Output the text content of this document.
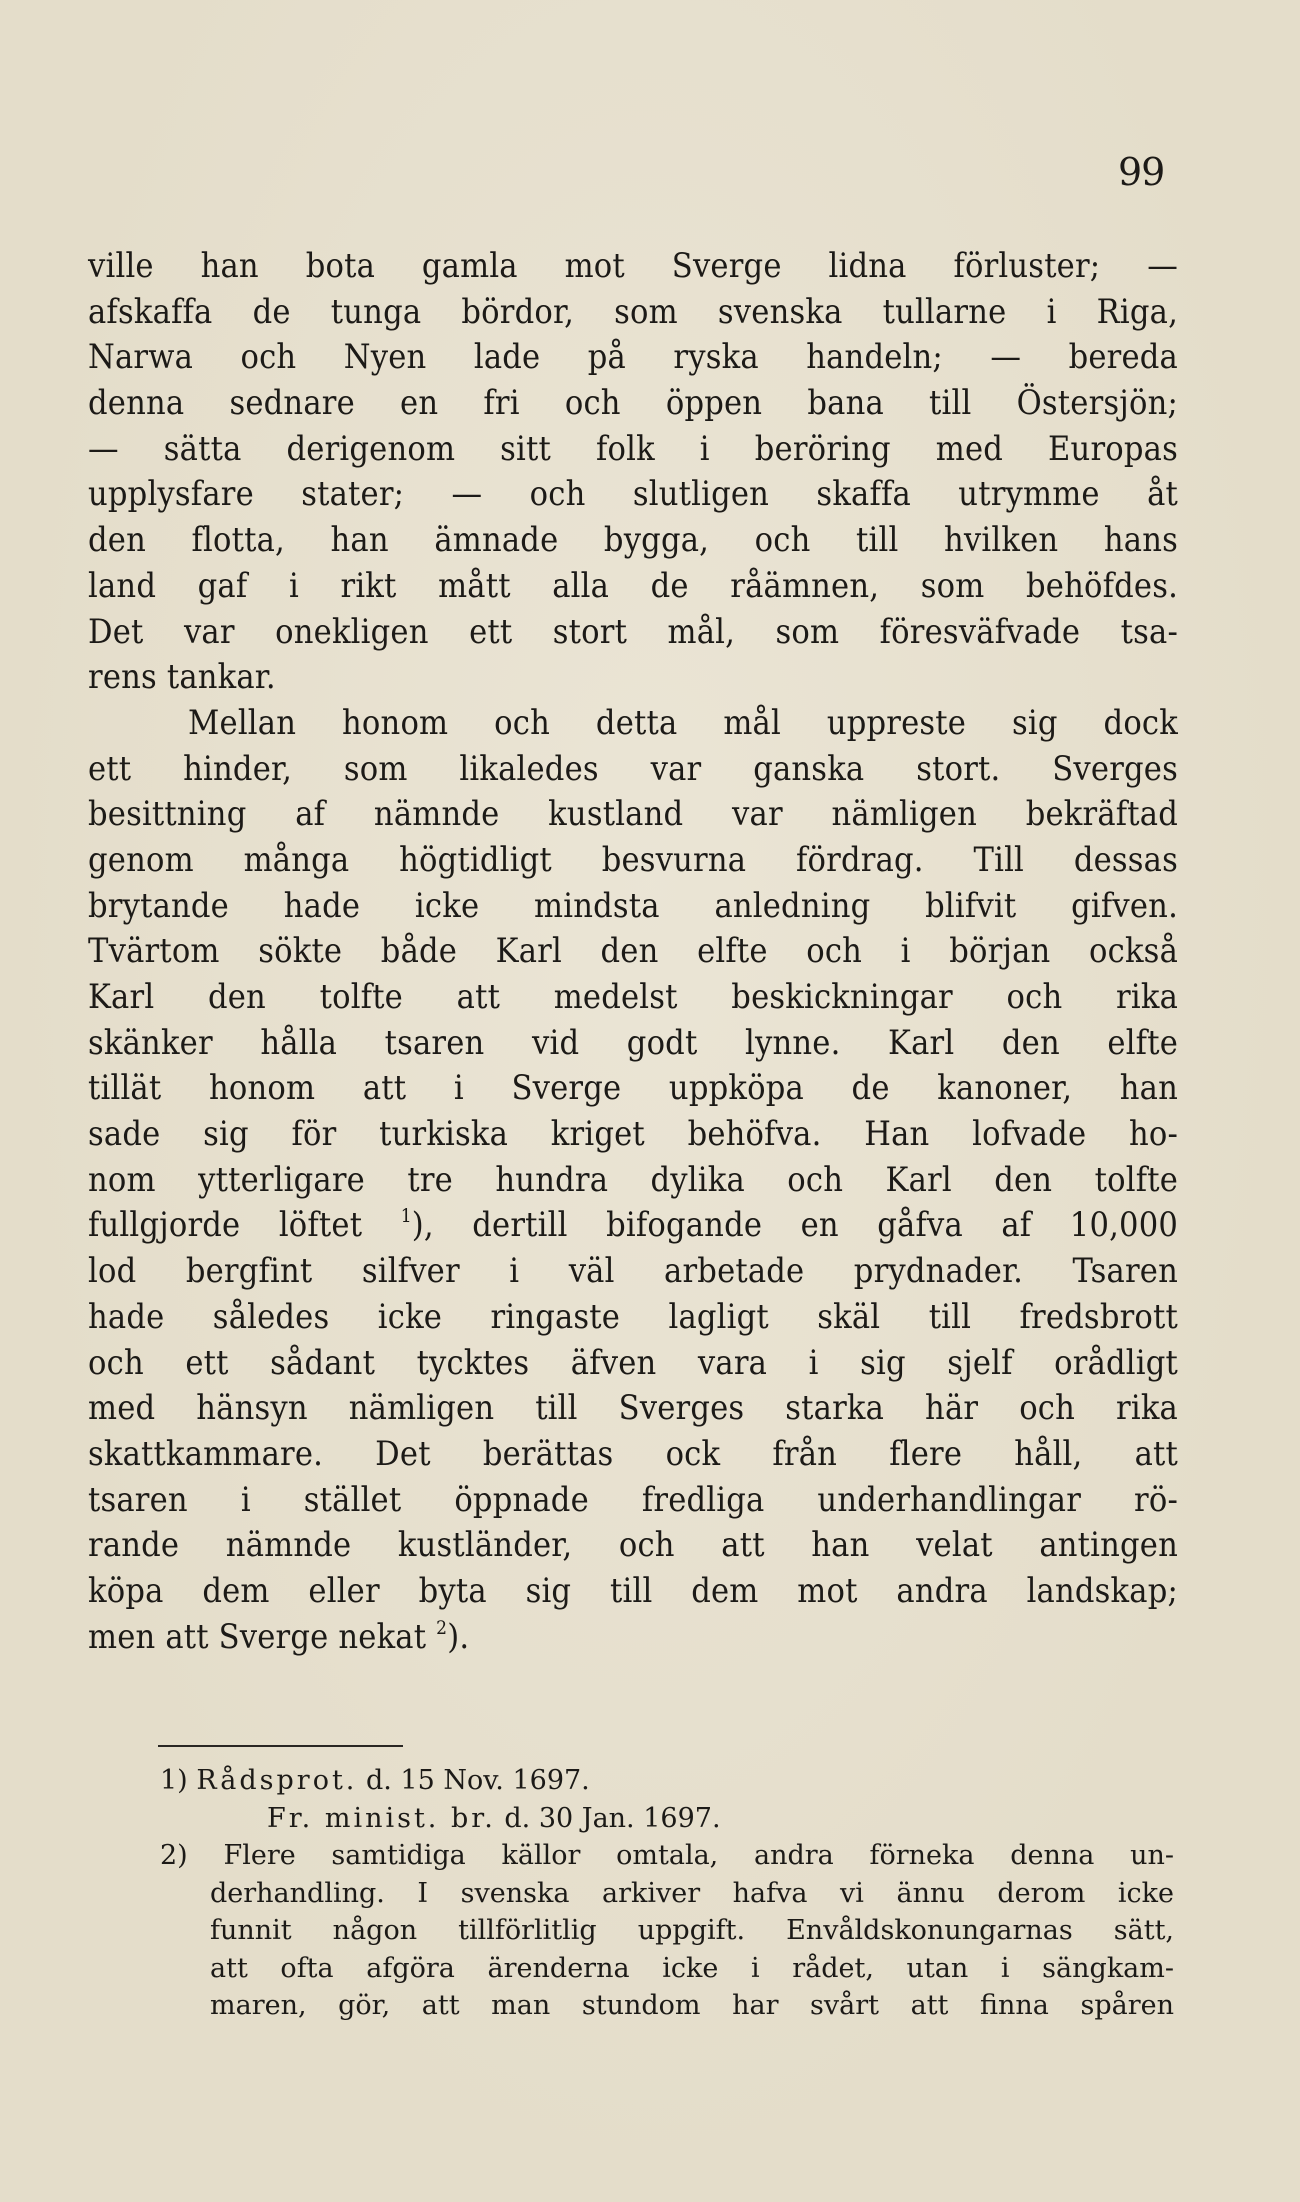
99
ville han bota gamla mot Sverge lidna förluster; —
afskaffa de tunga bördor, som svenska tullarne i Riga,
Narwa och Nyen lade på ryska handeln; — bereda
denna sednare en fri och öppen bana till Östersjön;
— sätta derigenom sitt folk i beröring med Europas
upplysfare stater; — och slutligen skaffa utrymme åt
den flotta, han ämnade bygga, och till hvilken hans
land gaf i rikt mått alla de råämnen, som behöfdes.
Det var onekligen ett stort mål, som föresväfvade tsa-
rens tankar.
Mellan honom och detta mål uppreste sig dock
ett hinder, som likaledes var ganska stort. Sverges
besittning af nämnde kustland var nämligen bekräftad
genom många högtidligt besvurna fördrag. Till dessas
brytande hade icke mindsta anledning blifvit gifven.
Tvärtom sökte både Karl den elfte och i början också
Karl den tolfte att medelst beskickningar och rika
skänker hålla tsaren vid godt lynne. Karl den elfte
tillät honom att i Sverge uppköpa de kanoner, han
sade sig för turkiska kriget behöfva. Han lofvade ho-
nom ytterligare tre hundra dylika och Karl den tolfte
fullgjorde löftet $^1$), dertill bifogande en gåfva af 10,000
lod bergfint silfver i väl arbetade prydnader. Tsaren
hade således icke ringaste lagligt skäl till fredsbrott
och ett sådant tycktes äfven vara i sig sjelf orådligt
med hänsyn nämligen till Sverges starka här och rika
skattkammare. Det berättas ock från flere håll, att
tsaren i stället öppnade fredliga underhandlingar rö-
rande nämnde kustländer, och att han velat antingen
köpa dem eller byta sig till dem mot andra landskap;
men att Sverge nekat $^2$).
1) Rådsprot. d. 15 Nov. 1697.
Fr. minist. br. d. 30 Jan. 1697.
2) Flere samtidiga källor omtala, andra förneka denna un-
derhandling. I svenska arkiver hafva vi ännu derom icke
funnit någon tillförlitlig uppgift. Envåldskonungarnas sätt,
att ofta afgöra ärenderna icke i rådet, utan i sängkam-
maren, gör, att man stundom har svårt att finna spåren
